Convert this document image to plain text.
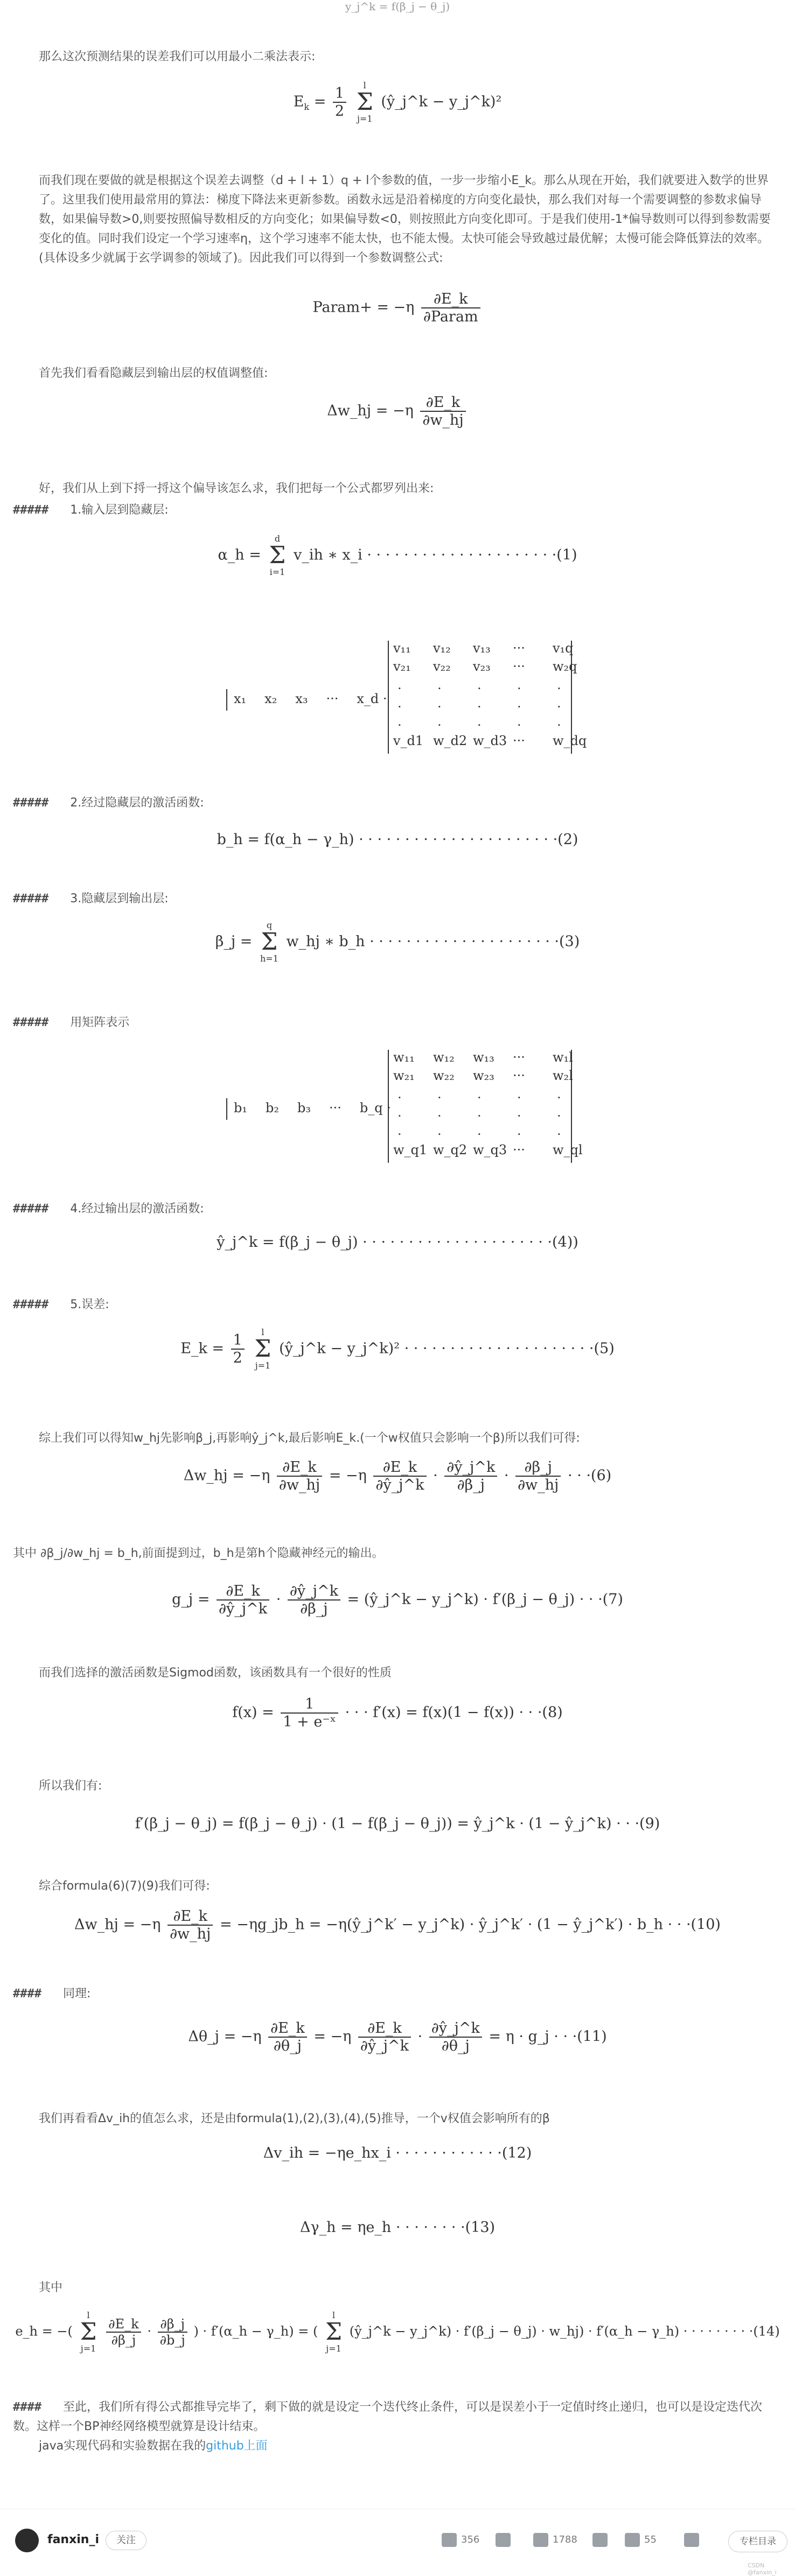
y_j^k = f(β_j − θ_j)

那么这次预测结果的误差我们可以用最小二乘法表示:

$E_k = \frac{1}{2}$ l
Σ
j=1 (ŷ_j^k − y_j^k)²

而我们现在要做的就是根据这个误差去调整（d + l + 1）q + l个参数的值，一步一步缩小E_k。那么从现在开始，我们就要进入数学的世界了。这里我们使用最常用的算法：梯度下降法来更新参数。函数永远是沿着梯度的方向变化最快，那么我们对每一个需要调整的参数求偏导数，如果偏导数>0,则要按照偏导数相反的方向变化；如果偏导数<0，则按照此方向变化即可。于是我们使用-1*偏导数则可以得到参数需要变化的值。同时我们设定一个学习速率η，这个学习速率不能太快，也不能太慢。太快可能会导致越过最优解；太慢可能会降低算法的效率。(具体设多少就属于玄学调参的领域了)。因此我们可以得到一个参数调整公式:

Param+ = $-\eta \frac{\partial E\_k}{\text{∂Param}}$

首先我们看看隐藏层到输出层的权值调整值:

Δw_hj = $-\eta \frac{\partial E\_k}{\partial w\_hj}$

好，我们从上到下捋一捋这个偏导该怎么求，我们把每一个公式都罗列出来:

##### 1.输入层到隐藏层:

α_h = d
Σ
i=1 v_ih ∗ x_i · · · · · · · · · · · · · · · · · · · · ·(1)
x₁ x₂ x₃ ··· x_d ·
v₁₁ v₁₂ v₁₃ ··· v₁q
v₂₁ v₂₂ v₂₃ ··· w₂q
.	.	.	.	.
.	.	.	.	.
.	.	.	.	.
v_d1 w_d2 w_d3 ··· w_dq

##### 2.经过隐藏层的激活函数:

b_h = f(α_h − γ_h) · · · · · · · · · · · · · · · · · · · · · ·(2)

##### 3.隐藏层到输出层:

β_j = q
Σ
h=1 w_hj ∗ b_h · · · · · · · · · · · · · · · · · · · · ·(3)

##### 用矩阵表示

b₁ b₂ b₃ ··· b_q ·
w₁₁ w₁₂ w₁₃ ··· w₁l
w₂₁ w₂₂ w₂₃ ··· w₂l
.	.	.	.	.
.	.	.	.	.
.	.	.	.	.
w_q1 w_q2 w_q3 ··· w_ql

##### 4.经过输出层的激活函数:

ŷ_j^k = f(β_j − θ_j) · · · · · · · · · · · · · · · · · · · · ·(4))

##### 5.误差:

E_k = $\frac{1}{2}$ l
Σ
j=1 (ŷ_j^k − y_j^k)² · · · · · · · · · · · · · · · · · · · · ·(5)

综上我们可以得知w_hj先影响β_j,再影响ŷ_j^k,最后影响E_k.(一个w权值只会影响一个β)所以我们可得:

Δw_hj = $-\eta \frac{\partial E\_k}{\partial w\_hj} = -\eta \frac{\partial E\_k}{\partial ŷ\_j\^{}k} \cdot \frac{\partial ŷ\_j\^{}k}{\partial\beta\_j} \cdot \frac{\partial\beta\_j}{\partial w\_hj}$ · · ·(6)

其中 ∂β_j/∂w_hj = b_h,前面提到过，b_h是第h个隐藏神经元的输出。

g_j = $\frac{\partial E\_k}{\partial ŷ\_j\^{}k} \cdot \frac{\partial ŷ\_j\^{}k}{\partial\beta\_j}$ = (ŷ_j^k − y_j^k) · f′(β_j − θ_j) · · ·(7)

而我们选择的激活函数是Sigmod函数，该函数具有一个很好的性质

$f(x) = \frac{1}{\text{1 + e⁻ˣ}}$ · · · f′(x) = f(x)(1 − f(x)) · · ·(8)

所以我们有:

f′(β_j − θ_j) = f(β_j − θ_j) · (1 − f(β_j − θ_j)) = ŷ_j^k · (1 − ŷ_j^k) · · ·(9)

综合formula(6)(7)(9)我们可得:

Δw_hj = $-\eta \frac{\partial E\_k}{\partial w\_hj}$ = −ηg_jb_h = −η(ŷ_j^k′ − y_j^k) · ŷ_j^k′ · (1 − ŷ_j^k′) · b_h · · ·(10)

#### 同理:

Δθ_j = $-\eta \frac{\partial E\_k}{\partial\theta\_j} = -\eta \frac{\partial E\_k}{\partial ŷ\_j\^{}k} \cdot \frac{\partial ŷ\_j\^{}k}{\partial\theta\_j} = \eta$ · g_j · · ·(11)

我们再看看Δv_ih的值怎么求，还是由formula(1),(2),(3),(4),(5)推导，一个v权值会影响所有的β

Δv_ih = −ηe_hx_i · · · · · · · · · · · ·(12)
Δγ_h = ηe_h · · · · · · · ·(13)

其中

e_h = −( l
Σ
j=1
$\frac{\partial E\_k}{\partial\beta\_j} \cdot \frac{\partial\beta\_j}{\partial b\_j}$ ) · f′(α_h − γ_h) = ( l
Σ
j=1 (ŷ_j^k − y_j^k) · f′(β_j − θ_j) · w_hj) · f′(α_h − γ_h) · · · · · · · · ·(14)

#### 至此，我们所有得公式都推导完毕了，剩下做的就是设定一个迭代终止条件，可以是误差小于一定值时终止递归，也可以是设定迭代次数。这样一个BP神经网络模型就算是设计结束。

java实现代码和实验数据在我的github上面

fanxin_i	关注	356	1788	55	专栏目录
CSDN @fanxin_i
